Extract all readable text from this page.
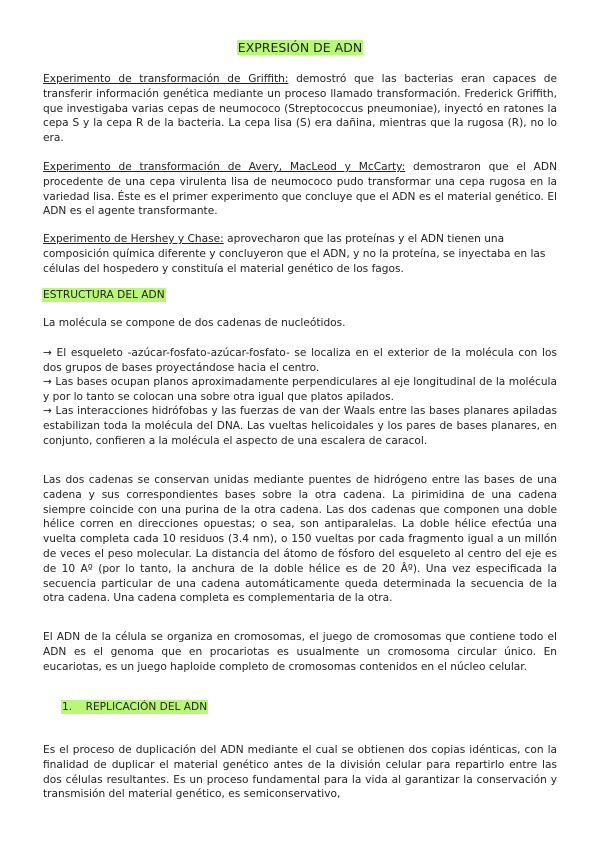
EXPRESIÓN DE ADN

Experimento de transformación de Griffith: demostró que las bacterias eran capaces de transferir información genética mediante un proceso llamado transformación. Frederick Griffith, que investigaba varias cepas de neumococo (Streptococcus pneumoniae), inyectó en ratones la cepa S y la cepa R de la bacteria. La cepa lisa (S) era dañina, mientras que la rugosa (R), no lo era.

Experimento de transformación de Avery, MacLeod y McCarty: demostraron que el ADN procedente de una cepa virulenta lisa de neumococo pudo transformar una cepa rugosa en la variedad lisa. Éste es el primer experimento que concluye que el ADN es el material genético. El ADN es el agente transformante.

Experimento de Hershey y Chase: aprovecharon que las proteínas y el ADN tienen una composición química diferente y concluyeron que el ADN, y no la proteína, se inyectaba en las células del hospedero y constituía el material genético de los fagos.

ESTRUCTURA DEL ADN

La molécula se compone de dos cadenas de nucleótidos.

→ El esqueleto -azúcar-fosfato-azúcar-fosfato- se localiza en el exterior de la molécula con los dos grupos de bases proyectándose hacia el centro.

→ Las bases ocupan planos aproximadamente perpendiculares al eje longitudinal de la molécula y por lo tanto se colocan una sobre otra igual que platos apilados.

→ Las interacciones hidrófobas y las fuerzas de van der Waals entre las bases planares apiladas estabilizan toda la molécula del DNA. Las vueltas helicoidales y los pares de bases planares, en conjunto, confieren a la molécula el aspecto de una escalera de caracol.

Las dos cadenas se conservan unidas mediante puentes de hidrógeno entre las bases de una cadena y sus correspondientes bases sobre la otra cadena. La pirimidina de una cadena siempre coincide con una purina de la otra cadena. Las dos cadenas que componen una doble hélice corren en direcciones opuestas; o sea, son antiparalelas. La doble hélice efectúa una vuelta completa cada 10 residuos (3.4 nm), o 150 vueltas por cada fragmento igual a un millón de veces el peso molecular. La distancia del átomo de fósforo del esqueleto al centro del eje es de 10 Aº (por lo tanto, la anchura de la doble hélice es de 20 Âº). Una vez especificada la secuencia particular de una cadena automáticamente queda determinada la secuencia de la otra cadena. Una cadena completa es complementaria de la otra.

El ADN de la célula se organiza en cromosomas, el juego de cromosomas que contiene todo el ADN es el genoma que en procariotas es usualmente un cromosoma circular único. En eucariotas, es un juego haploide completo de cromosomas contenidos en el núcleo celular.

1. REPLICACIÓN DEL ADN

Es el proceso de duplicación del ADN mediante el cual se obtienen dos copias idénticas, con la finalidad de duplicar el material genético antes de la división celular para repartirlo entre las dos células resultantes. Es un proceso fundamental para la vida al garantizar la conservación y transmisión del material genético, es semiconservativo,
